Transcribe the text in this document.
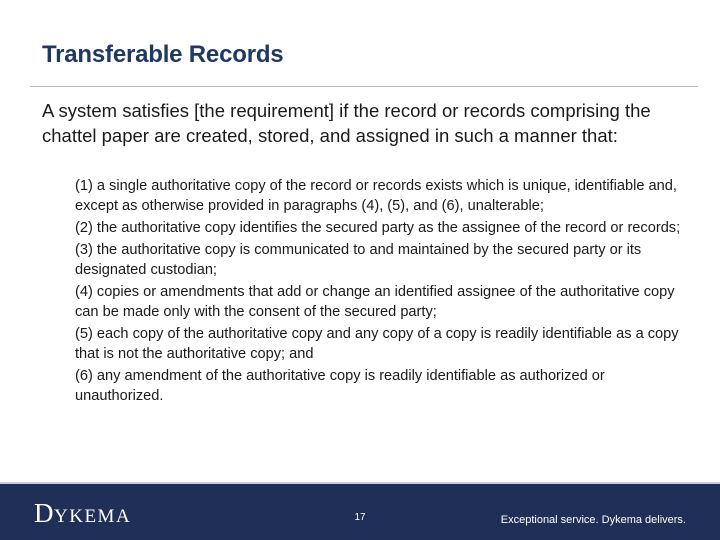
Transferable Records
A system satisfies [the requirement] if the record or records comprising the chattel paper are created, stored, and assigned in such a manner that:
(1) a single authoritative copy of the record or records exists which is unique, identifiable and, except as otherwise provided in paragraphs (4), (5), and (6), unalterable;
(2) the authoritative copy identifies the secured party as the assignee of the record or records;
(3) the authoritative copy is communicated to and maintained by the secured party or its designated custodian;
(4) copies or amendments that add or change an identified assignee of the authoritative copy can be made only with the consent of the secured party;
(5) each copy of the authoritative copy and any copy of a copy is readily identifiable as a copy that is not the authoritative copy; and
(6) any amendment of the authoritative copy is readily identifiable as authorized or unauthorized.
DYKEMA	17	Exceptional service. Dykema delivers.
